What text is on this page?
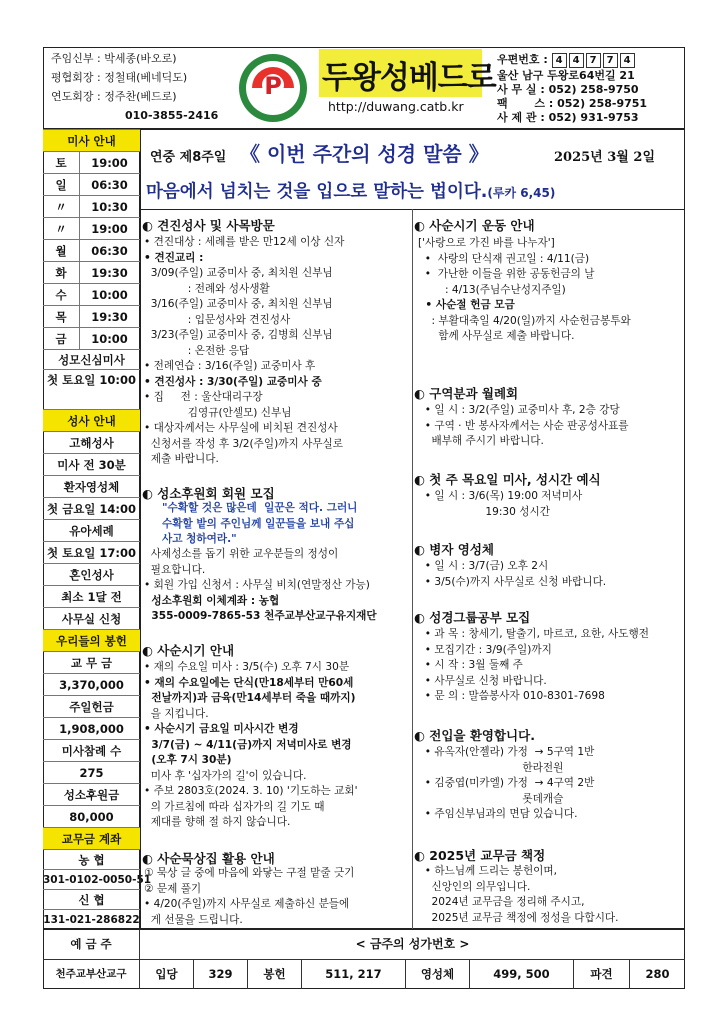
주임신부 : 박세종(바오로)
평협회장 : 정철태(베네딕도)
연도회장 : 정주찬(베드로)
010-3855-2416
P 두왕성베드로
http://duwang.catb.kr
우편번호 : 4 4 7 7 4
울산 남구 두왕로64번길 21
사 무 실 : 052) 258-9750
팩       스 : 052) 258-9751
사 제 관 : 052) 931-9753
미사 안내
토	19:00
일	06:30
〃	10:30
〃	19:00
월	06:30
화	19:30
수	10:00
목	19:30
금	10:00
성모신심미사
첫 토요일 10:00
성사 안내
고해성사
미사 전 30분
환자영성체
첫 금요일 14:00
유아세례
첫 토요일 17:00
혼인성사
최소 1달 전
사무실 신청
우리들의 봉헌
교 무 금
3,370,000
주일헌금
1,908,000
미사참례 수
275
성소후원금
80,000
교무금 계좌
농 협
301-0102-0050-51
신 협
131-021-286822
연중 제8주일 《 이번 주간의 성경 말씀 》	2025년 3월 2일
마음에서 넘치는 것을 입으로 말하는 법이다.(루카 6,45)
◐ 견진성사 및 사목방문
• 견진대상 : 세례를 받은 만12세 이상 신자
• 견진교리 :
3/09(주일) 교중미사 중, 최치원 신부님
: 전례와 성사생활
3/16(주일) 교중미사 중, 최치원 신부님
: 입문성사와 견진성사
3/23(주일) 교중미사 중, 김병희 신부님
: 온전한 응답
• 전례연습 : 3/16(주일) 교중미사 후
• 견진성사 : 3/30(주일) 교중미사 중
• 집     전 : 울산대리구장
김영규(안셀모) 신부님
• 대상자께서는 사무실에 비치된 견진성사
신청서를 작성 후 3/2(주일)까지 사무실로
제출 바랍니다.
◐ 성소후원회 회원 모집
"수확할 것은 많은데  일꾼은 적다. 그러니
수확할 밭의 주인님께 일꾼들을 보내 주십
사고 청하여라."
사제성소를 돕기 위한 교우분들의 정성이
필요합니다.
• 회원 가입 신청서 : 사무실 비치(연말정산 가능)
성소후원회 이체계좌 : 농협
355-0009-7865-53 천주교부산교구유지재단
◐ 사순시기 안내
• 재의 수요일 미사 : 3/5(수) 오후 7시 30분
• 재의 수요일에는 단식(만18세부터 만60세
전날까지)과 금육(만14세부터 죽을 때까지)
을 지킵니다.
• 사순시기 금요일 미사시간 변경
3/7(금) ~ 4/11(금)까지 저녁미사로 변경
(오후 7시 30분)
미사 후 '십자가의 길'이 있습니다.
• 주보 2803호(2024. 3. 10) '기도하는 교회'
의 가르침에 따라 십자가의 길 기도 때
제대를 향해 절 하지 않습니다.
◐ 사순묵상집 활용 안내
① 묵상 글 중에 마음에 와닿는 구절 맡줄 긋기
② 문제 풀기
• 4/20(주일)까지 사무실로 제출하신 분들에
게 선물을 드립니다.
◐ 사순시기 운동 안내
['사랑으로 가진 바를 나누자']
•  사랑의 단식재 권고일 : 4/11(금)
•  가난한 이들을 위한 공동헌금의 날
: 4/13(주님수난성지주일)
• 사순절 헌금 모금
: 부활대축일 4/20(일)까지 사순헌금봉투와
함께 사무실로 제출 바랍니다.
◐ 구역분과 월례회
• 일 시 : 3/2(주일) 교중미사 후, 2층 강당
• 구역 · 반 봉사자께서는 사순 판공성사표를
배부해 주시기 바랍니다.
◐ 첫 주 목요일 미사, 성시간 예식
• 일 시 : 3/6(목) 19:00 저녁미사
19:30 성시간
◐ 병자 영성체
• 일 시 : 3/7(금) 오후 2시
• 3/5(수)까지 사무실로 신청 바랍니다.
◐ 성경그룹공부 모집
• 과 목 : 창세기, 탈출기, 마르코, 요한, 사도행전
• 모집기간 : 3/9(주일)까지
• 시 작 : 3월 둘째 주
• 사무실로 신청 바랍니다.
• 문 의 : 말씀봉사자 010-8301-7698
◐ 전입을 환영합니다.
• 유옥자(안젤라) 가정  → 5구역 1반
한라전원
• 김중엽(미카엘) 가정  → 4구역 2반
롯데캐슬
• 주임신부님과의 면담 있습니다.
◐ 2025년 교무금 책정
• 하느님께 드리는 봉헌이며,
신앙인의 의무입니다.
2024년 교무금을 정리해 주시고,
2025년 교무금 책정에 정성을 다합시다.
예 금 주	< 금주의 성가번호 >
천주교부산교구	입당	329	봉헌	511, 217	영성체	499, 500	파견	280
